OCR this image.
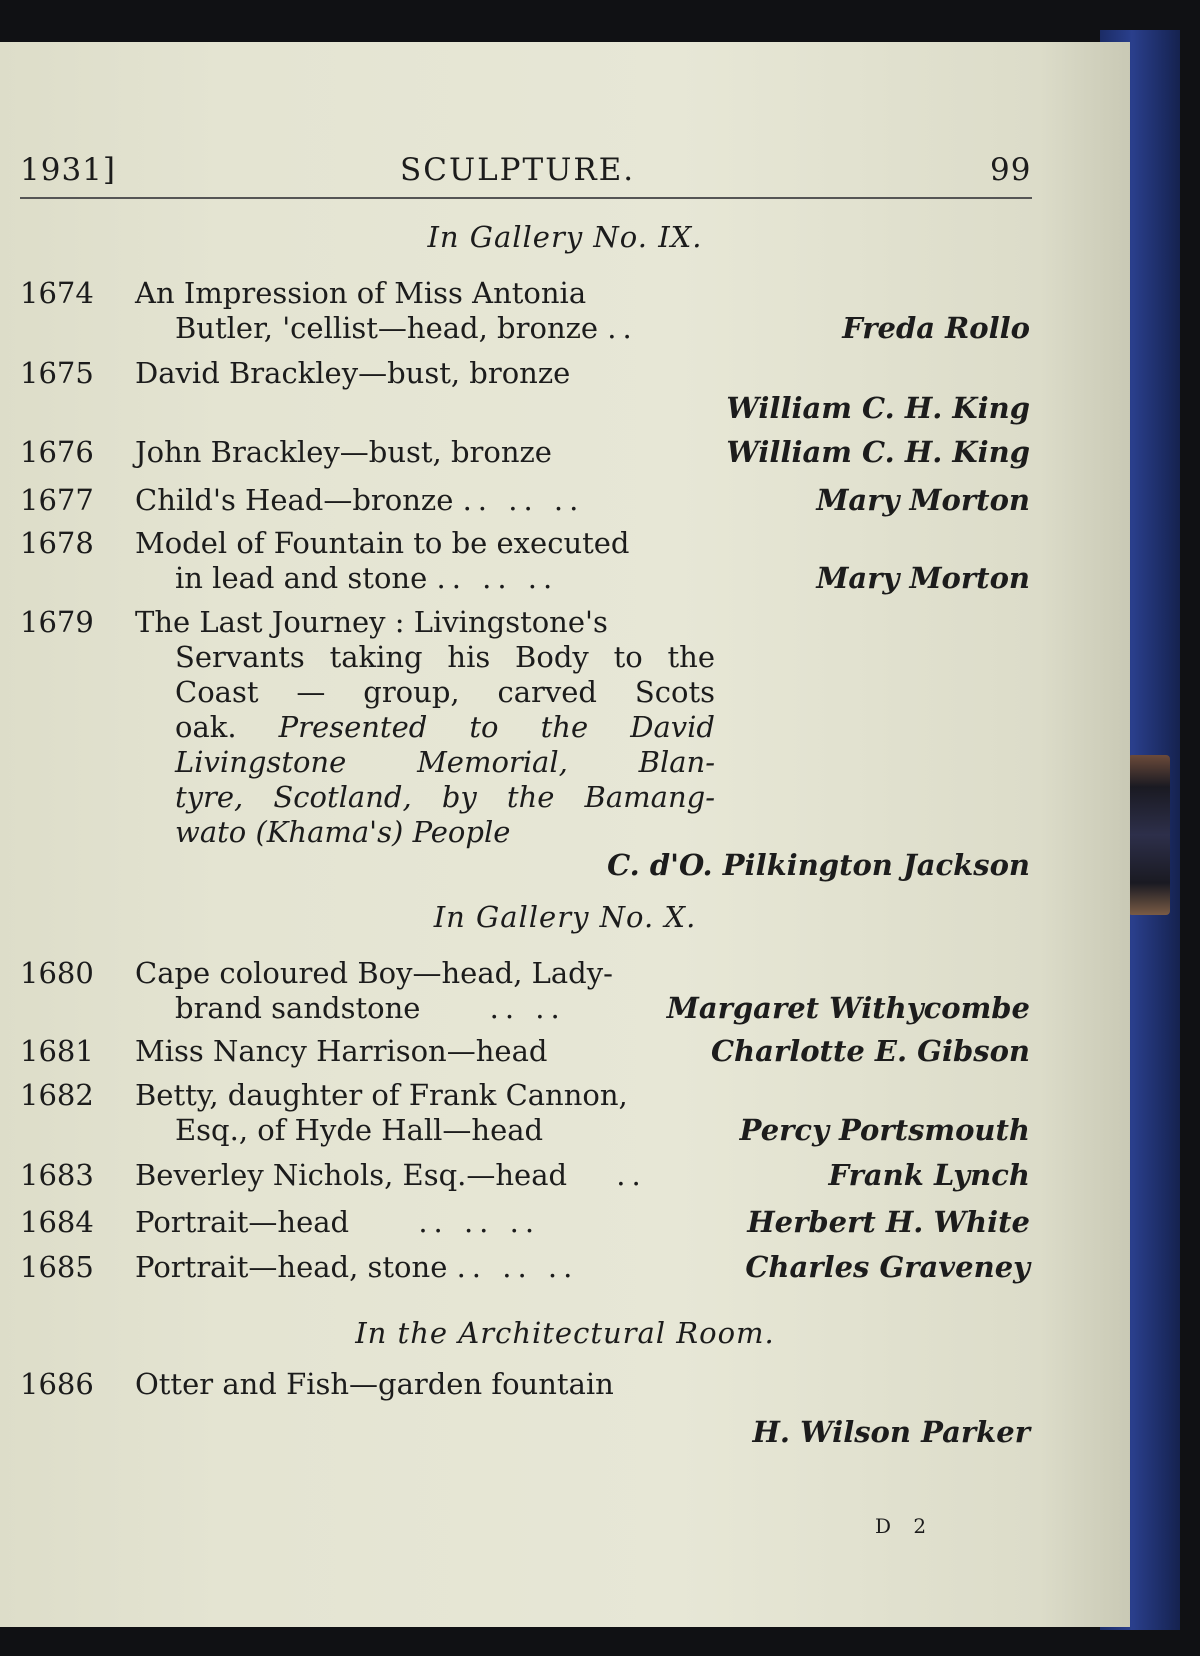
1931]	SCULPTURE.	99
In Gallery No. IX.
1674 An Impression of Miss Antonia
Butler, 'cellist—head, bronze ..	Freda Rollo
1675 David Brackley—bust, bronze
William C. H. King
1676 John Brackley—bust, bronze	William C. H. King
1677 Child's Head—bronze .. .. ..	Mary Morton
1678 Model of Fountain to be executed
in lead and stone .. .. ..	Mary Morton
1679 The Last Journey : Livingstone's
Servants taking his Body to the
Coast — group, carved Scots
oak. Presented to the David
Livingstone Memorial, Blan-
tyre, Scotland, by the Bamang-
wato (Khama's) People
C. d'O. Pilkington Jackson
In Gallery No. X.
1680 Cape coloured Boy—head, Lady-
brand sandstone .. ..	Margaret Withycombe
1681 Miss Nancy Harrison—head	Charlotte E. Gibson
1682 Betty, daughter of Frank Cannon,
Esq., of Hyde Hall—head	Percy Portsmouth
1683 Beverley Nichols, Esq.—head ..	Frank Lynch
1684 Portrait—head .. .. ..	Herbert H. White
1685 Portrait—head, stone .. .. ..	Charles Graveney
In the Architectural Room.
1686 Otter and Fish—garden fountain
H. Wilson Parker
D 2
